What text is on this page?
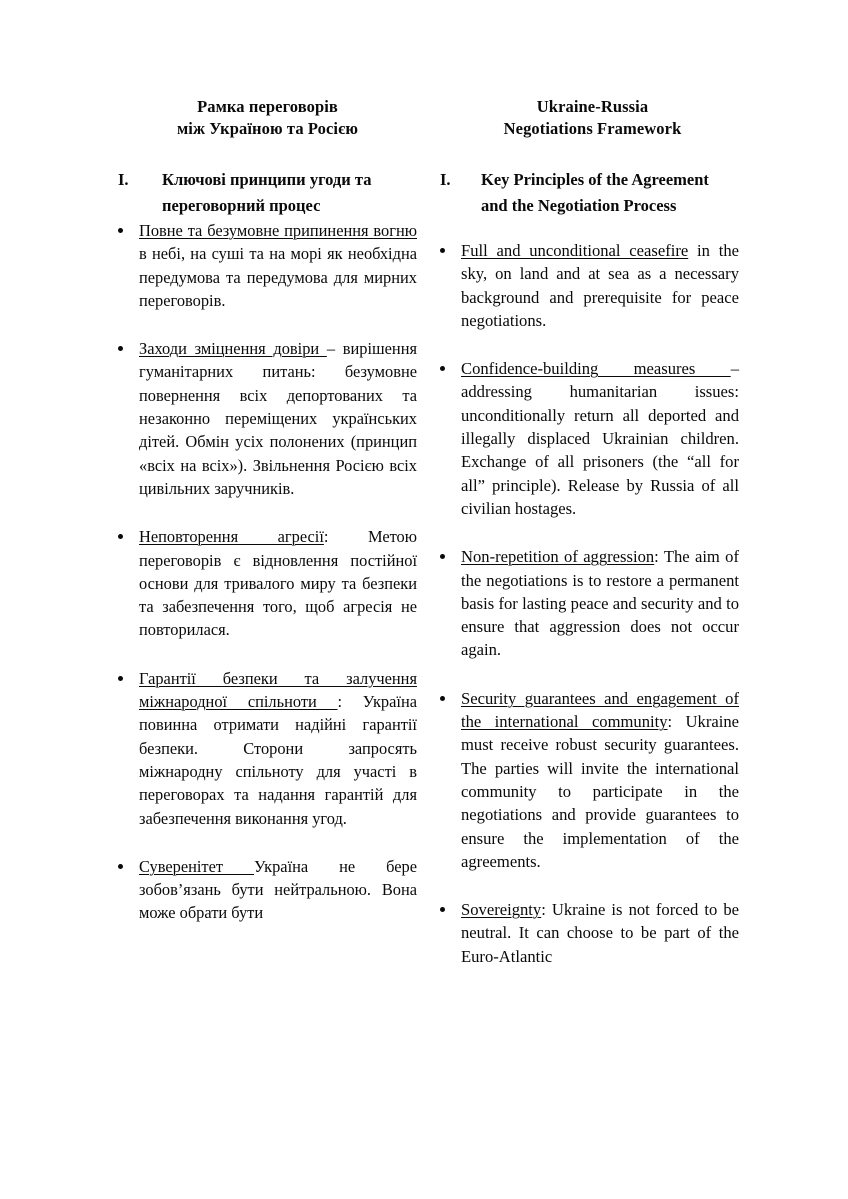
Рамка переговорів
між Україною та Росією
I.	Ключові принципи угоди та переговорний процес
Повне та безумовне припинення вогню в небі, на суші та на морі як необхідна передумова та передумова для мирних переговорів.
Заходи зміцнення довіри – вирішення гуманітарних питань: безумовне повернення всіх депортованих та незаконно переміщених українських дітей. Обмін усіх полонених (принцип «всіх на всіх»). Звільнення Росією всіх цивільних заручників.
Неповторення агресії: Метою переговорів є відновлення постійної основи для тривалого миру та безпеки та забезпечення того, щоб агресія не повторилася.
Гарантії безпеки та залучення міжнародної спільноти : Україна повинна отримати надійні гарантії безпеки. Сторони запросять міжнародну спільноту для участі в переговорах та надання гарантій для забезпечення виконання угод.
Суверенітет Україна не бере зобов’язань бути нейтральною. Вона може обрати бути
Ukraine-Russia
Negotiations Framework
I.	Key Principles of the Agreement and the Negotiation Process
Full and unconditional ceasefire in the sky, on land and at sea as a necessary background and prerequisite for peace negotiations.
Confidence-building measures – addressing humanitarian issues: unconditionally return all deported and illegally displaced Ukrainian children. Exchange of all prisoners (the “all for all” principle). Release by Russia of all civilian hostages.
Non-repetition of aggression: The aim of the negotiations is to restore a permanent basis for lasting peace and security and to ensure that aggression does not occur again.
Security guarantees and engagement of the international community: Ukraine must receive robust security guarantees. The parties will invite the international community to participate in the negotiations and provide guarantees to ensure the implementation of the agreements.
Sovereignty: Ukraine is not forced to be neutral. It can choose to be part of the Euro-Atlantic
